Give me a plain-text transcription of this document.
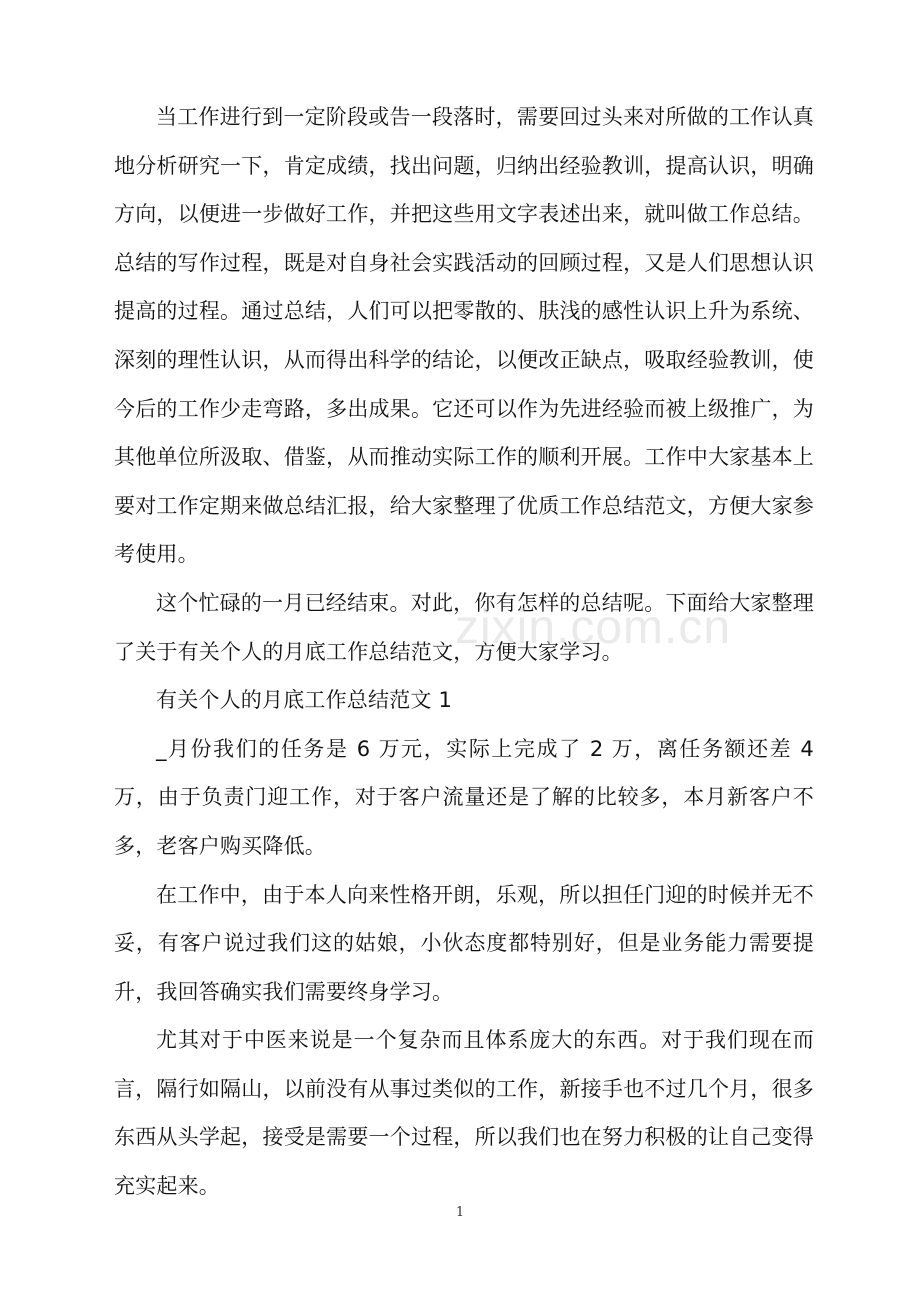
当工作进行到一定阶段或告一段落时，需要回过头来对所做的工作认真地分析研究一下，肯定成绩，找出问题，归纳出经验教训，提高认识，明确方向，以便进一步做好工作，并把这些用文字表述出来，就叫做工作总结。总结的写作过程，既是对自身社会实践活动的回顾过程，又是人们思想认识提高的过程。通过总结，人们可以把零散的、肤浅的感性认识上升为系统、深刻的理性认识，从而得出科学的结论，以便改正缺点，吸取经验教训，使今后的工作少走弯路，多出成果。它还可以作为先进经验而被上级推广，为其他单位所汲取、借鉴，从而推动实际工作的顺利开展。工作中大家基本上要对工作定期来做总结汇报，给大家整理了优质工作总结范文，方便大家参考使用。

这个忙碌的一月已经结束。对此，你有怎样的总结呢。下面给大家整理了关于有关个人的月底工作总结范文，方便大家学习。

有关个人的月底工作总结范文 1

_月份我们的任务是 6 万元，实际上完成了 2 万，离任务额还差 4 万，由于负责门迎工作，对于客户流量还是了解的比较多，本月新客户不多，老客户购买降低。

在工作中，由于本人向来性格开朗，乐观，所以担任门迎的时候并无不妥，有客户说过我们这的姑娘，小伙态度都特别好，但是业务能力需要提升，我回答确实我们需要终身学习。

尤其对于中医来说是一个复杂而且体系庞大的东西。对于我们现在而言，隔行如隔山，以前没有从事过类似的工作，新接手也不过几个月，很多东西从头学起，接受是需要一个过程，所以我们也在努力积极的让自己变得充实起来。

zixin.com.cn
1
